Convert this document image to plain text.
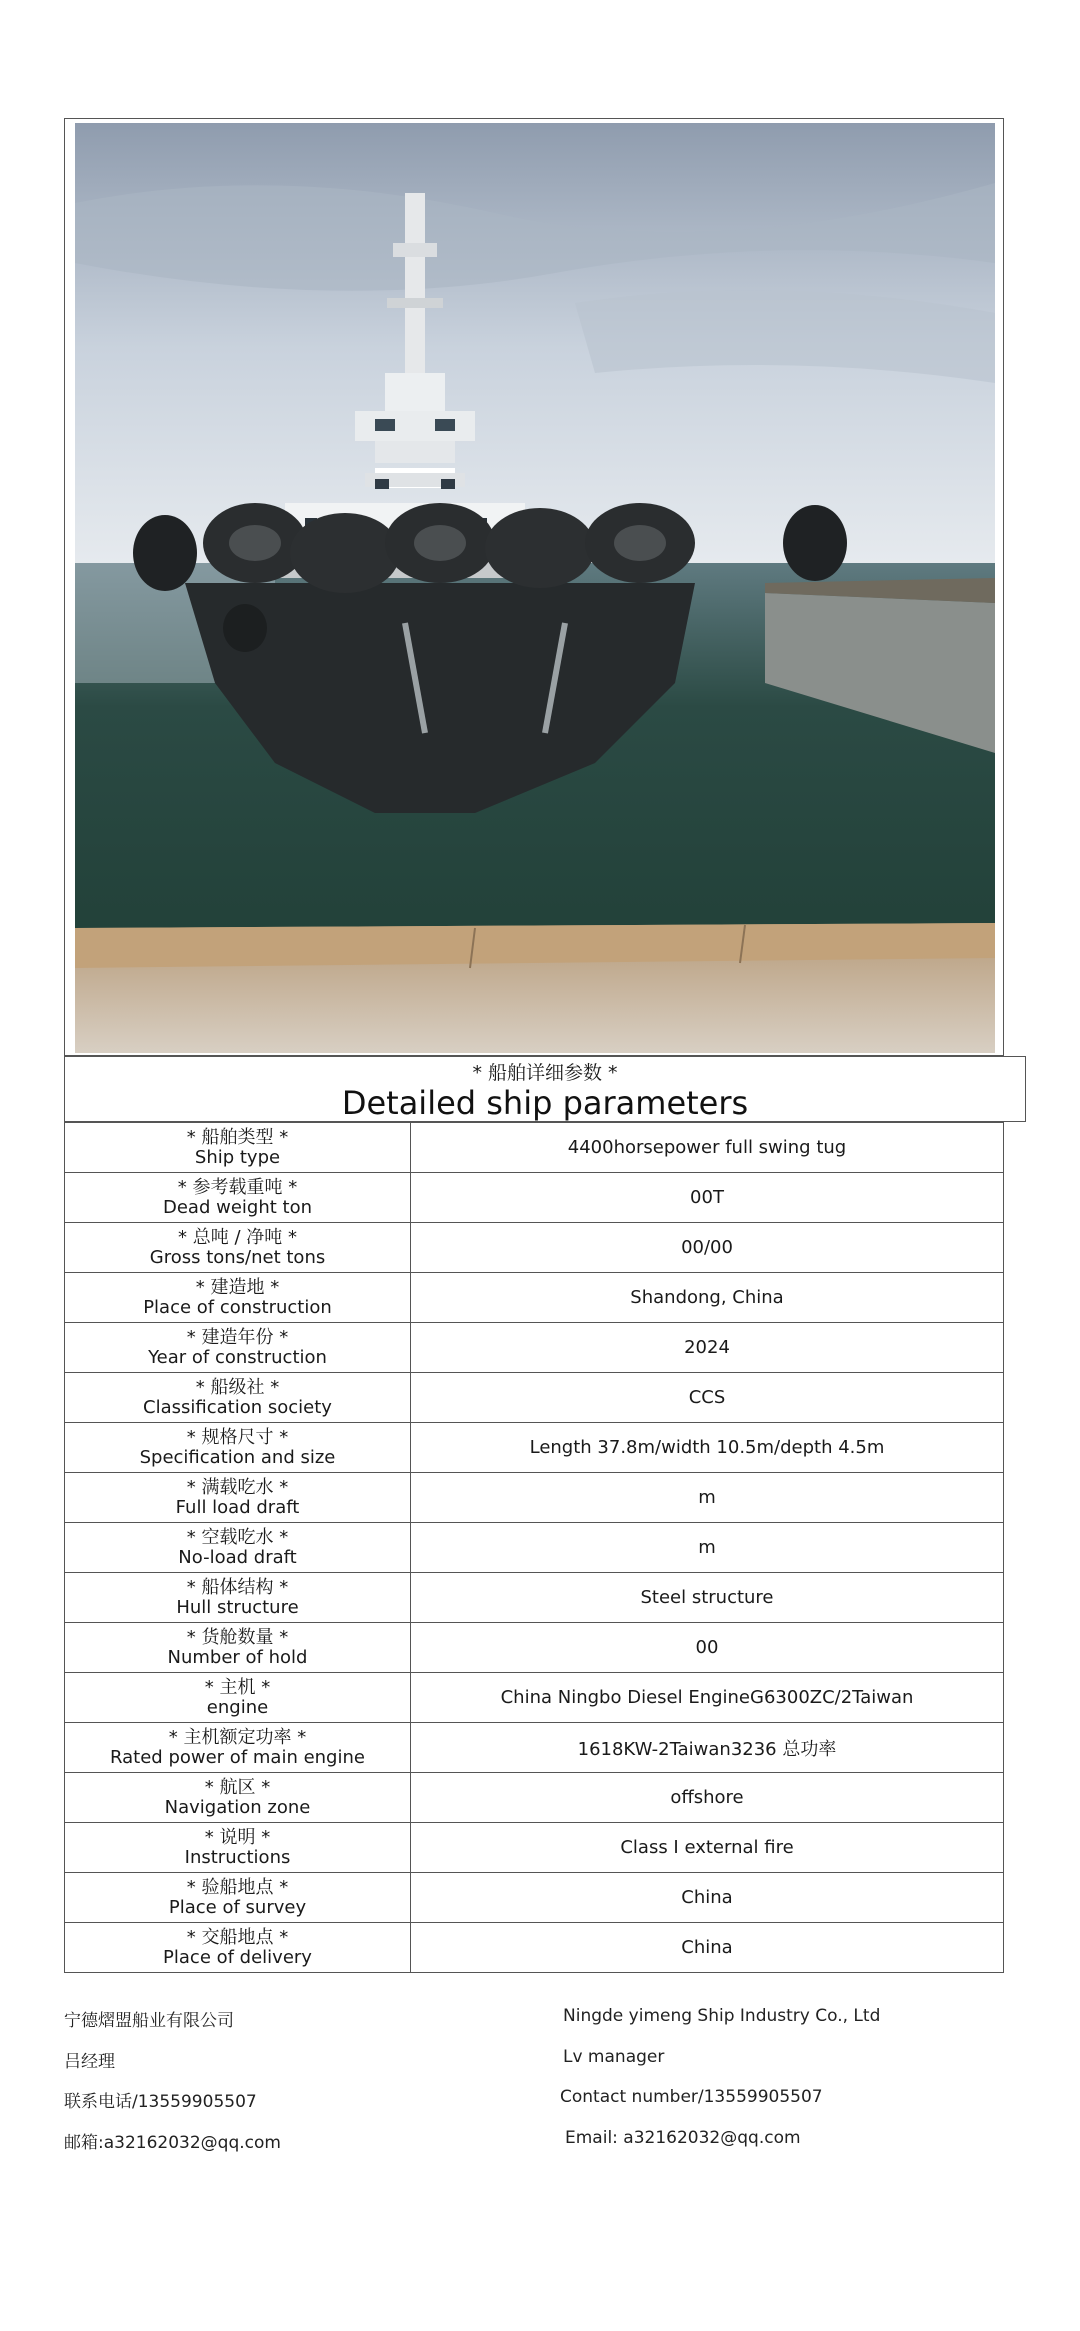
* 船舶详细参数 *
Detailed ship parameters
* 船舶类型 *
Ship type	4400horsepower full swing tug

* 参考载重吨 *
Dead weight ton	00T

* 总吨 / 净吨 *
Gross tons/net tons	00/00

* 建造地 *
Place of construction	Shandong, China

* 建造年份 *
Year of construction	2024

* 船级社 *
Classification society	CCS

* 规格尺寸 *
Specification and size	Length 37.8m/width 10.5m/depth 4.5m

* 满载吃水 *
Full load draft	m

* 空载吃水 *
No-load draft	m

* 船体结构 *
Hull structure	Steel structure

* 货舱数量 *
Number of hold	00

* 主机 *
engine	China Ningbo Diesel EngineG6300ZC/2Taiwan

* 主机额定功率 *
Rated power of main engine	1618KW-2Taiwan3236 总功率

* 航区 *
Navigation zone	offshore

* 说明 *
Instructions	Class I external fire

* 验船地点 *
Place of survey	China

* 交船地点 *
Place of delivery	China
宁德熠盟船业有限公司	Ningde yimeng Ship Industry Co., Ltd
吕经理	Lv manager
联系电话/13559905507	Contact number/13559905507
邮箱:a32162032@qq.com	Email: a32162032@qq.com
